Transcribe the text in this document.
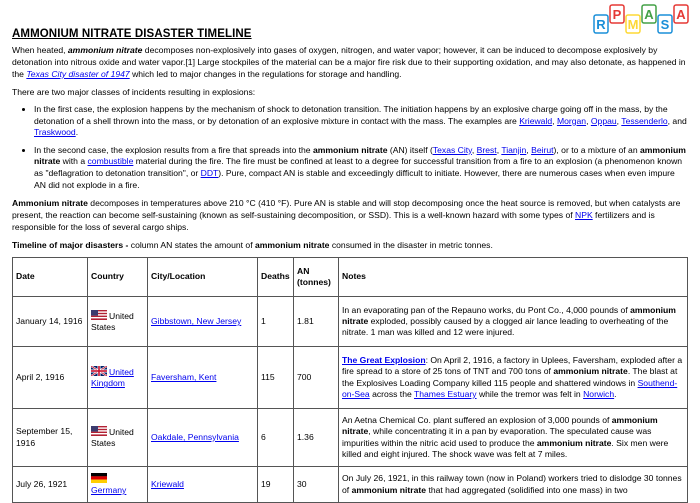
AMMONIUM NITRATE DISASTER TIMELINE
R
P
M
A
S
A

When heated, ammonium nitrate decomposes non-explosively into gases of oxygen, nitrogen, and water vapor; however, it can be induced to decompose explosively by detonation into nitrous oxide and water vapor.[1] Large stockpiles of the material can be a major fire risk due to their supporting oxidation, and may also detonate, as happened in the Texas City disaster of 1947 which led to major changes in the regulations for storage and handling.

There are two major classes of incidents resulting in explosions:

• In the first case, the explosion happens by the mechanism of shock to detonation transition. The initiation happens by an explosive charge going off in the mass, by the detonation of a shell thrown into the mass, or by detonation of an explosive mixture in contact with the mass. The examples are Kriewald, Morgan, Oppau, Tessenderlo, and Traskwood.
• In the second case, the explosion results from a fire that spreads into the ammonium nitrate (AN) itself (Texas City, Brest, Tianjin, Beirut), or to a mixture of an ammonium nitrate with a combustible material during the fire. The fire must be confined at least to a degree for successful transition from a fire to an explosion (a phenomenon known as "deflagration to detonation transition", or DDT). Pure, compact AN is stable and exceedingly difficult to initiate. However, there are numerous cases when even impure AN did not explode in a fire.

Ammonium nitrate decomposes in temperatures above 210 °C (410 °F). Pure AN is stable and will stop decomposing once the heat source is removed, but when catalysts are present, the reaction can become self-sustaining (known as self-sustaining decomposition, or SSD). This is a well-known hazard with some types of NPK fertilizers and is responsible for the loss of several cargo ships.

Timeline of major disasters - column AN states the amount of ammonium nitrate consumed in the disaster in metric tonnes.

Date	Country	City/Location	Deaths	AN (tonnes)	Notes
January 14, 1916	United States	Gibbstown, New Jersey	1	1.81	In an evaporating pan of the Repauno works, du Pont Co., 4,000 pounds of ammonium nitrate exploded, possibly caused by a clogged air lance leading to overheating of the nitrate. 1 man was killed and 12 were injured.
April 2, 1916	United Kingdom	Faversham, Kent	115	700	The Great Explosion: On April 2, 1916, a factory in Uplees, Faversham, exploded after a fire spread to a store of 25 tons of TNT and 700 tons of ammonium nitrate. The blast at the Explosives Loading Company killed 115 people and shattered windows in Southend-on-Sea across the Thames Estuary while the tremor was felt in Norwich.
September 15, 1916	United States	Oakdale, Pennsylvania	6	1.36	An Aetna Chemical Co. plant suffered an explosion of 3,000 pounds of ammonium nitrate, while concentrating it in a pan by evaporation. The speculated cause was impurities within the nitric acid used to produce the ammonium nitrate. Six men were killed and eight injured. The shock wave was felt at 7 miles.
July 26, 1921	Germany	Kriewald	19	30	On July 26, 1921, in this railway town (now in Poland) workers tried to dislodge 30 tonnes of ammonium nitrate that had aggregated (solidified into one mass) in two
